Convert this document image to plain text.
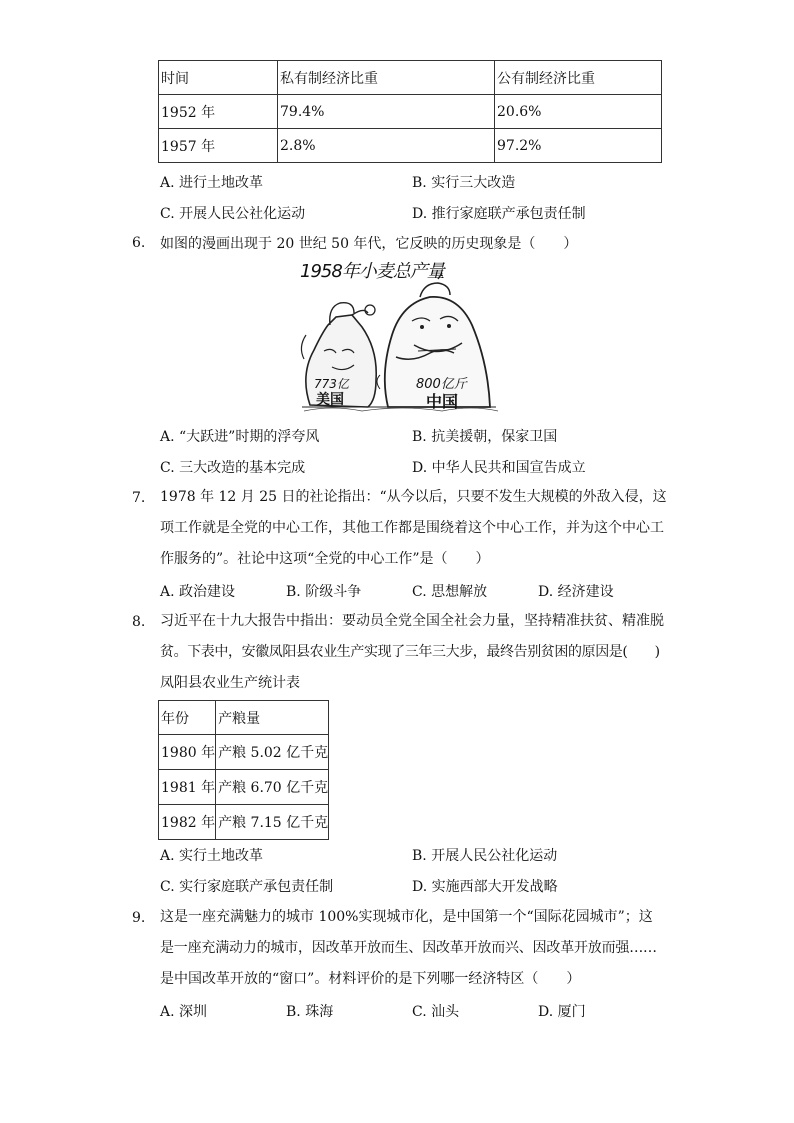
时间	私有制经济比重	公有制经济比重
1952 年	79.4%	20.6%
1957 年	2.8%	97.2%
A. 进行土地改革	B. 实行三大改造
C. 开展人民公社化运动	D. 推行家庭联产承包责任制
6. 如图的漫画出现于 20 世纪 50 年代，它反映的历史现象是（　　）
1958年小麦总产量
773亿
美国
800亿斤
中国
A. “大跃进”时期的浮夸风	B. 抗美援朝，保家卫国
C. 三大改造的基本完成	D. 中华人民共和国宣告成立
7. 1978 年 12 月 25 日的社论指出：“从今以后，只要不发生大规模的外敌入侵，这
项工作就是全党的中心工作，其他工作都是围绕着这个中心工作，并为这个中心工
作服务的”。社论中这项“全党的中心工作”是（　　）
A. 政治建设	B. 阶级斗争	C. 思想解放	D. 经济建设
8. 习近平在十九大报告中指出：要动员全党全国全社会力量，坚持精准扶贫、精准脱
贫。下表中，安徽凤阳县农业生产实现了三年三大步，最终告别贫困的原因是(　　)
凤阳县农业生产统计表
年份	产粮量
1980 年	产粮 5.02 亿千克
1981 年	产粮 6.70 亿千克
1982 年	产粮 7.15 亿千克
A. 实行土地改革	B. 开展人民公社化运动
C. 实行家庭联产承包责任制	D. 实施西部大开发战略
9. 这是一座充满魅力的城市 100%实现城市化，是中国第一个“国际花园城市”；这
是一座充满动力的城市，因改革开放而生、因改革开放而兴、因改革开放而强……
是中国改革开放的“窗口”。材料评价的是下列哪一经济特区（　　）
A. 深圳	B. 珠海	C. 汕头	D. 厦门
